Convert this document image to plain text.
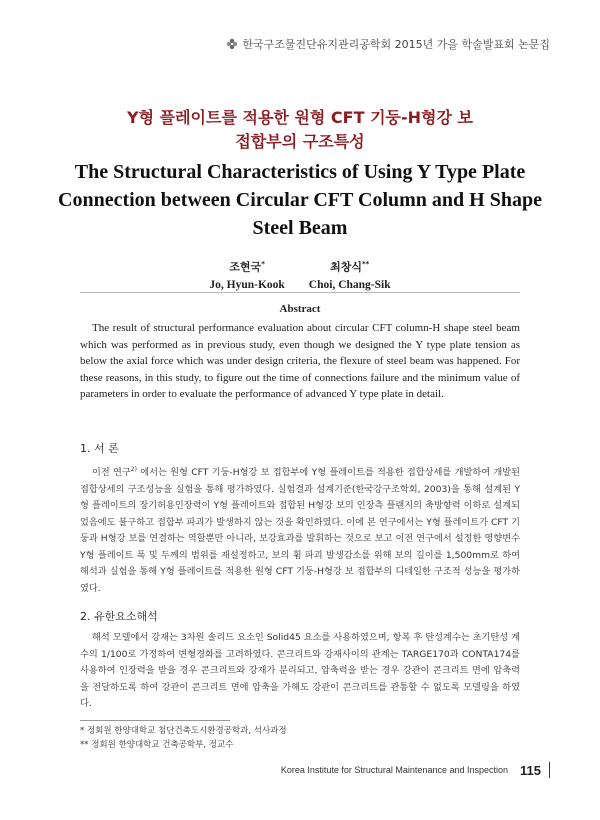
한국구조물진단유지관리공학회 2015년 가을 학술발표회 논문집
Y형 플레이트를 적용한 원형 CFT 기둥-H형강 보
접합부의 구조특성
The Structural Characteristics of Using Y Type Plate
Connection between Circular CFT Column and H Shape
Steel Beam
조현국*
Jo, Hyun-Kook
최창식**
Choi, Chang-Sik
Abstract

The result of structural performance evaluation about circular CFT column-H shape steel beam which was performed as in previous study, even though we designed the Y type plate tension as below the axial force which was under design criteria, the flexure of steel beam was happened. For these reasons, in this study, to figure out the time of connections failure and the minimum value of parameters in order to evaluate the performance of advanced Y type plate in detail.

1. 서 론

이전 연구$^{2)}$ 에서는 원형 CFT 기둥-H형강 보 접합부에 Y형 플레이트를 적용한 접합상세를 개발하여 개발된 접합상세의 구조성능을 실험을 통해 평가하였다. 실험결과 설계기준(한국강구조학회, 2003)을 통해 설계된 Y형 플레이트의 장기허용인장력이 Y형 플레이트와 접합된 H형강 보의 인장측 플랜지의 축방향력 이하로 설계되었음에도 불구하고 접합부 파괴가 발생하지 않는 것을 확인하였다. 이에 본 연구에서는 Y형 플레이트가 CFT 기둥과 H형강 보를 연결하는 역할뿐만 아니라, 보강효과를 발휘하는 것으로 보고 이전 연구에서 설정한 영향변수 Y형 플레이트 폭 및 두께의 범위를 재설정하고, 보의 휨 파괴 발생감소를 위해 보의 길이를 1,500mm로 하여 해석과 실험을 통해 Y형 플레이트를 적용한 원형 CFT 기둥-H형강 보 접합부의 디테일한 구조적 성능을 평가하였다.

2. 유한요소해석

해석 모델에서 강재는 3차원 솔리드 요소인 Solid45 요소를 사용하였으며, 항복 후 탄성계수는 초기탄성 계수의 1/100로 가정하여 변형경화를 고려하였다. 콘크리트와 강재사이의 관계는 TARGE170과 CONTA174를 사용하여 인장력을 받을 경우 콘크리트와 강재가 분리되고, 압축력을 받는 경우 강관이 콘크리트 면에 압축력을 전달하도록 하여 강관이 콘크리트 면에 압축을 가해도 강관이 콘크리트를 관통할 수 없도록 모델링을 하였다.

* 정회원 한양대학교 첨단건축도시환경공학과, 석사과정
** 정회원 한양대학교 건축공학부, 정교수
Korea Institute for Structural Maintenance and Inspection 115
